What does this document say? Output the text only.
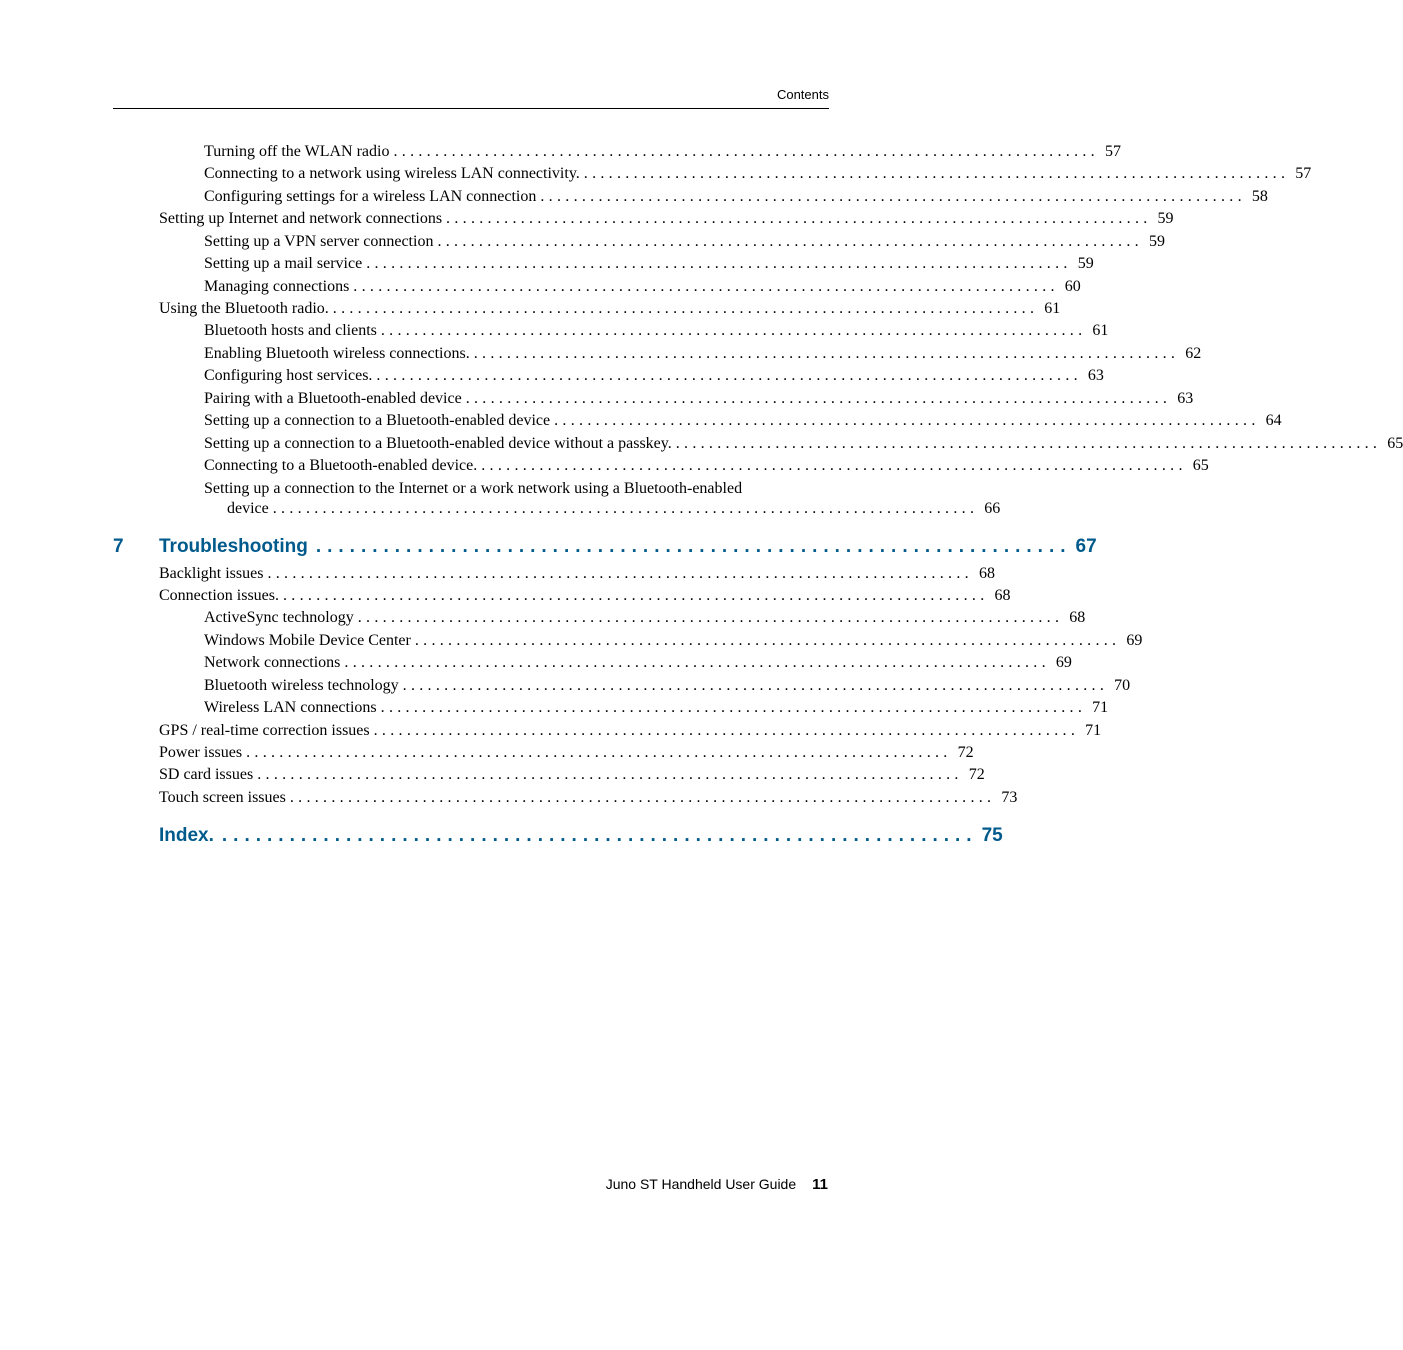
Contents
Turning off the WLAN radio ..................................................................................... 57
Connecting to a network using wireless LAN connectivity. ..................................................................................... 57
Configuring settings for a wireless LAN connection ..................................................................................... 58
Setting up Internet and network connections ..................................................................................... 59
Setting up a VPN server connection ..................................................................................... 59
Setting up a mail service ..................................................................................... 59
Managing connections ..................................................................................... 60
Using the Bluetooth radio. ..................................................................................... 61
Bluetooth hosts and clients ..................................................................................... 61
Enabling Bluetooth wireless connections. ..................................................................................... 62
Configuring host services. ..................................................................................... 63
Pairing with a Bluetooth-enabled device ..................................................................................... 63
Setting up a connection to a Bluetooth-enabled device ..................................................................................... 64
Setting up a connection to a Bluetooth-enabled device without a passkey. ..................................................................................... 65
Connecting to a Bluetooth-enabled device. ..................................................................................... 65
Setting up a connection to the Internet or a work network using a Bluetooth-enabled
device ..................................................................................... 66
7 Troubleshooting ................................................................... 67
Backlight issues ..................................................................................... 68
Connection issues. ..................................................................................... 68
ActiveSync technology ..................................................................................... 68
Windows Mobile Device Center ..................................................................................... 69
Network connections ..................................................................................... 69
Bluetooth wireless technology ..................................................................................... 70
Wireless LAN connections ..................................................................................... 71
GPS / real-time correction issues ..................................................................................... 71
Power issues ..................................................................................... 72
SD card issues ..................................................................................... 72
Touch screen issues ..................................................................................... 73
Index. ................................................................... 75
Juno ST Handheld User Guide 11
